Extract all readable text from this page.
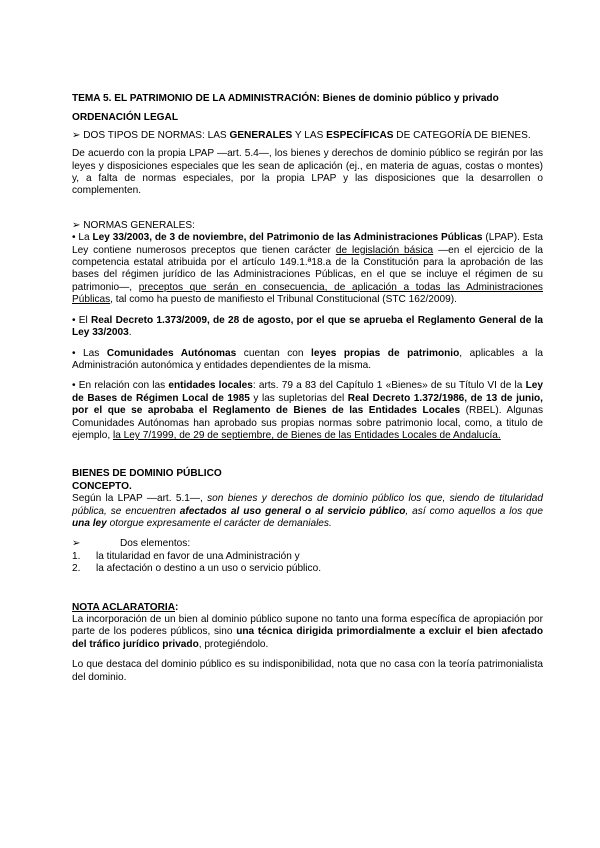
TEMA 5. EL PATRIMONIO DE LA ADMINISTRACIÓN: Bienes de dominio público y privado

ORDENACIÓN LEGAL

➢ DOS TIPOS DE NORMAS: LAS GENERALES Y LAS ESPECÍFICAS DE CATEGORÍA DE BIENES.

De acuerdo con la propia LPAP —art. 5.4—, los bienes y derechos de dominio público se regirán por las leyes y disposiciones especiales que les sean de aplicación (ej., en materia de aguas, costas o montes) y, a falta de normas especiales, por la propia LPAP y las disposiciones que la desarrollen o complementen.

➢ NORMAS GENERALES:

• La Ley 33/2003, de 3 de noviembre, del Patrimonio de las Administraciones Públicas (LPAP). Esta Ley contiene numerosos preceptos que tienen carácter de legislación básica —en el ejercicio de la competencia estatal atribuida por el artículo 149.1.ª18.a de la Constitución para la aprobación de las bases del régimen jurídico de las Administraciones Públicas, en el que se incluye el régimen de su patrimonio—, preceptos que serán en consecuencia, de aplicación a todas las Administraciones Públicas, tal como ha puesto de manifiesto el Tribunal Constitucional (STC 162/2009).

• El Real Decreto 1.373/2009, de 28 de agosto, por el que se aprueba el Reglamento General de la Ley 33/2003.

• Las Comunidades Autónomas cuentan con leyes propias de patrimonio, aplicables a la Administración autonómica y entidades dependientes de la misma.

• En relación con las entidades locales: arts. 79 a 83 del Capítulo 1 «Bienes» de su Título VI de la Ley de Bases de Régimen Local de 1985 y las supletorias del Real Decreto 1.372/1986, de 13 de junio, por el que se aprobaba el Reglamento de Bienes de las Entidades Locales (RBEL). Algunas Comunidades Autónomas han aprobado sus propias normas sobre patrimonio local, como, a titulo de ejemplo, la Ley 7/1999, de 29 de septiembre, de Bienes de las Entidades Locales de Andalucía.

BIENES DE DOMINIO PÚBLICO

CONCEPTO.

Según la LPAP —art. 5.1—, son bienes y derechos de dominio público los que, siendo de titularidad pública, se encuentren afectados al uso general o al servicio público, así como aquellos a los que una ley otorgue expresamente el carácter de demaniales.

➢	Dos elementos:
1.	la titularidad en favor de una Administración y
2.	la afectación o destino a un uso o servicio público.

NOTA ACLARATORIA:

La incorporación de un bien al dominio público supone no tanto una forma específica de apropiación por parte de los poderes públicos, sino una técnica dirigida primordialmente a excluir el bien afectado del tráfico jurídico privado, protegiéndolo.

Lo que destaca del dominio público es su indisponibilidad, nota que no casa con la teoría patrimonialista del dominio.
